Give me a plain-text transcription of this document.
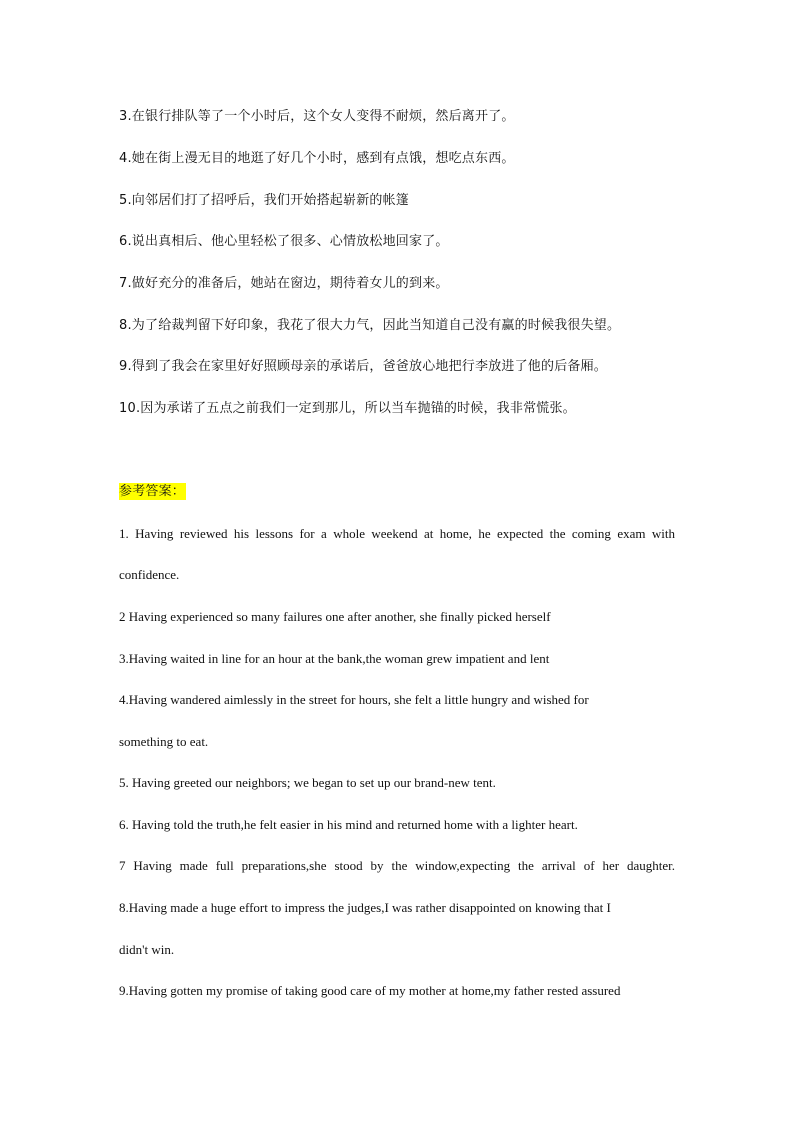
3.在银行排队等了一个小时后，这个女人变得不耐烦，然后离开了。
4.她在街上漫无目的地逛了好几个小时，感到有点饿，想吃点东西。
5.向邻居们打了招呼后，我们开始搭起崭新的帐篷
6.说出真相后、他心里轻松了很多、心情放松地回家了。
7.做好充分的准备后，她站在窗边，期待着女儿的到来。
8.为了给裁判留下好印象，我花了很大力气，因此当知道自己没有赢的时候我很失望。
9.得到了我会在家里好好照顾母亲的承诺后，爸爸放心地把行李放进了他的后备厢。
10.因为承诺了五点之前我们一定到那儿，所以当车抛锚的时候，我非常慌张。
参考答案：
1. Having reviewed his lessons for a whole weekend at home, he expected the coming exam with
confidence.
2 Having experienced so many failures one after another, she finally picked herself
3.Having waited in line for an hour at the bank,the woman grew impatient and lent
4.Having wandered aimlessly in the street for hours, she felt a little hungry and wished for
something to eat.
5. Having greeted our neighbors; we began to set up our brand-new tent.
6. Having told the truth,he felt easier in his mind and returned home with a lighter heart.
7 Having made full preparations,she stood by the window,expecting the arrival of her daughter.
8.Having made a huge effort to impress the judges,I was rather disappointed on knowing that I
didn't win.
9.Having gotten my promise of taking good care of my mother at home,my father rested assured
